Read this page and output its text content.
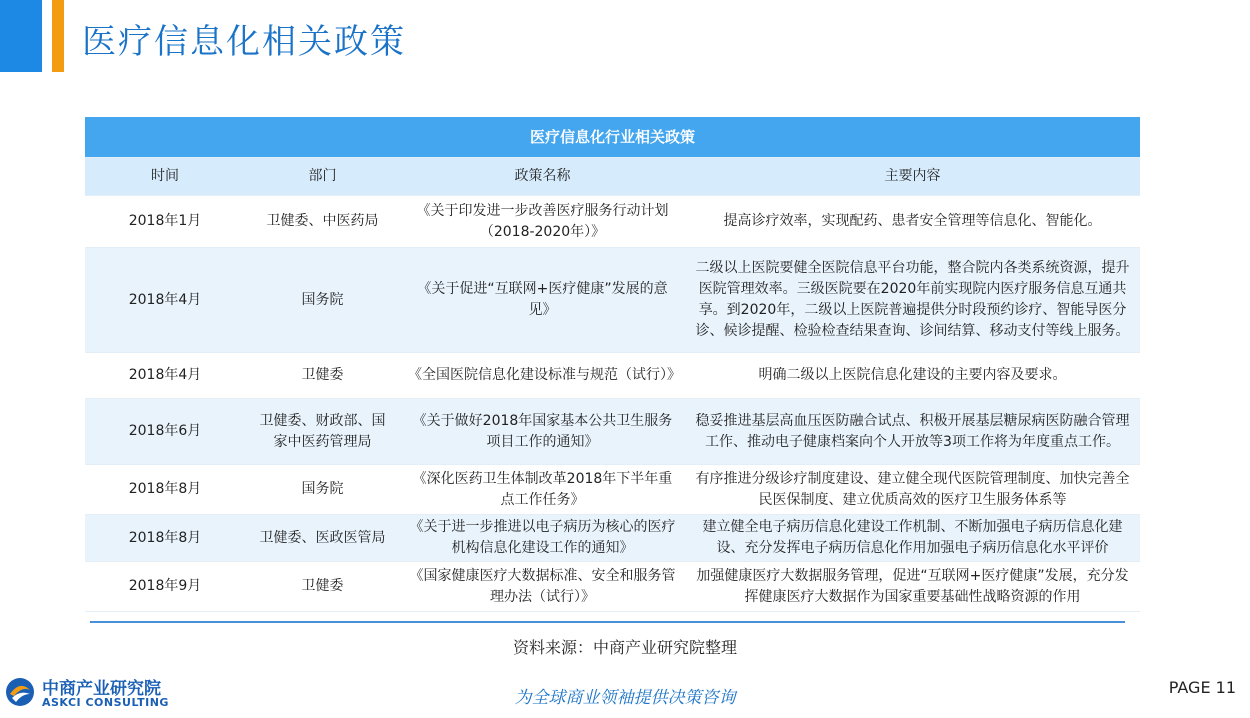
医疗信息化相关政策
医疗信息化行业相关政策			
时间	部门	政策名称	主要内容
2018年1月	卫健委、中医药局	《关于印发进一步改善医疗服务行动计划（2018-2020年）》	提高诊疗效率，实现配药、患者安全管理等信息化、智能化。
2018年4月	国务院	《关于促进“互联网+医疗健康”发展的意见》	二级以上医院要健全医院信息平台功能，整合院内各类系统资源，提升医院管理效率。三级医院要在2020年前实现院内医疗服务信息互通共享。到2020年，二级以上医院普遍提供分时段预约诊疗、智能导医分诊、候诊提醒、检验检查结果查询、诊间结算、移动支付等线上服务。
2018年4月	卫健委	《全国医院信息化建设标准与规范（试行）》	明确二级以上医院信息化建设的主要内容及要求。
2018年6月	卫健委、财政部、国家中医药管理局	《关于做好2018年国家基本公共卫生服务项目工作的通知》	稳妥推进基层高血压医防融合试点、积极开展基层糖尿病医防融合管理工作、推动电子健康档案向个人开放等3项工作将为年度重点工作。
2018年8月	国务院	《深化医药卫生体制改革2018年下半年重点工作任务》	有序推进分级诊疗制度建设、建立健全现代医院管理制度、加快完善全民医保制度、建立优质高效的医疗卫生服务体系等
2018年8月	卫健委、医政医管局	《关于进一步推进以电子病历为核心的医疗机构信息化建设工作的通知》	建立健全电子病历信息化建设工作机制、不断加强电子病历信息化建设、充分发挥电子病历信息化作用加强电子病历信息化水平评价
2018年9月	卫健委	《国家健康医疗大数据标准、安全和服务管理办法（试行）》	加强健康医疗大数据服务管理，促进“互联网+医疗健康”发展，充分发挥健康医疗大数据作为国家重要基础性战略资源的作用
资料来源：中商产业研究院整理
中商产业研究院
ASKCI CONSULTING	为全球商业领袖提供决策咨询
PAGE 11
